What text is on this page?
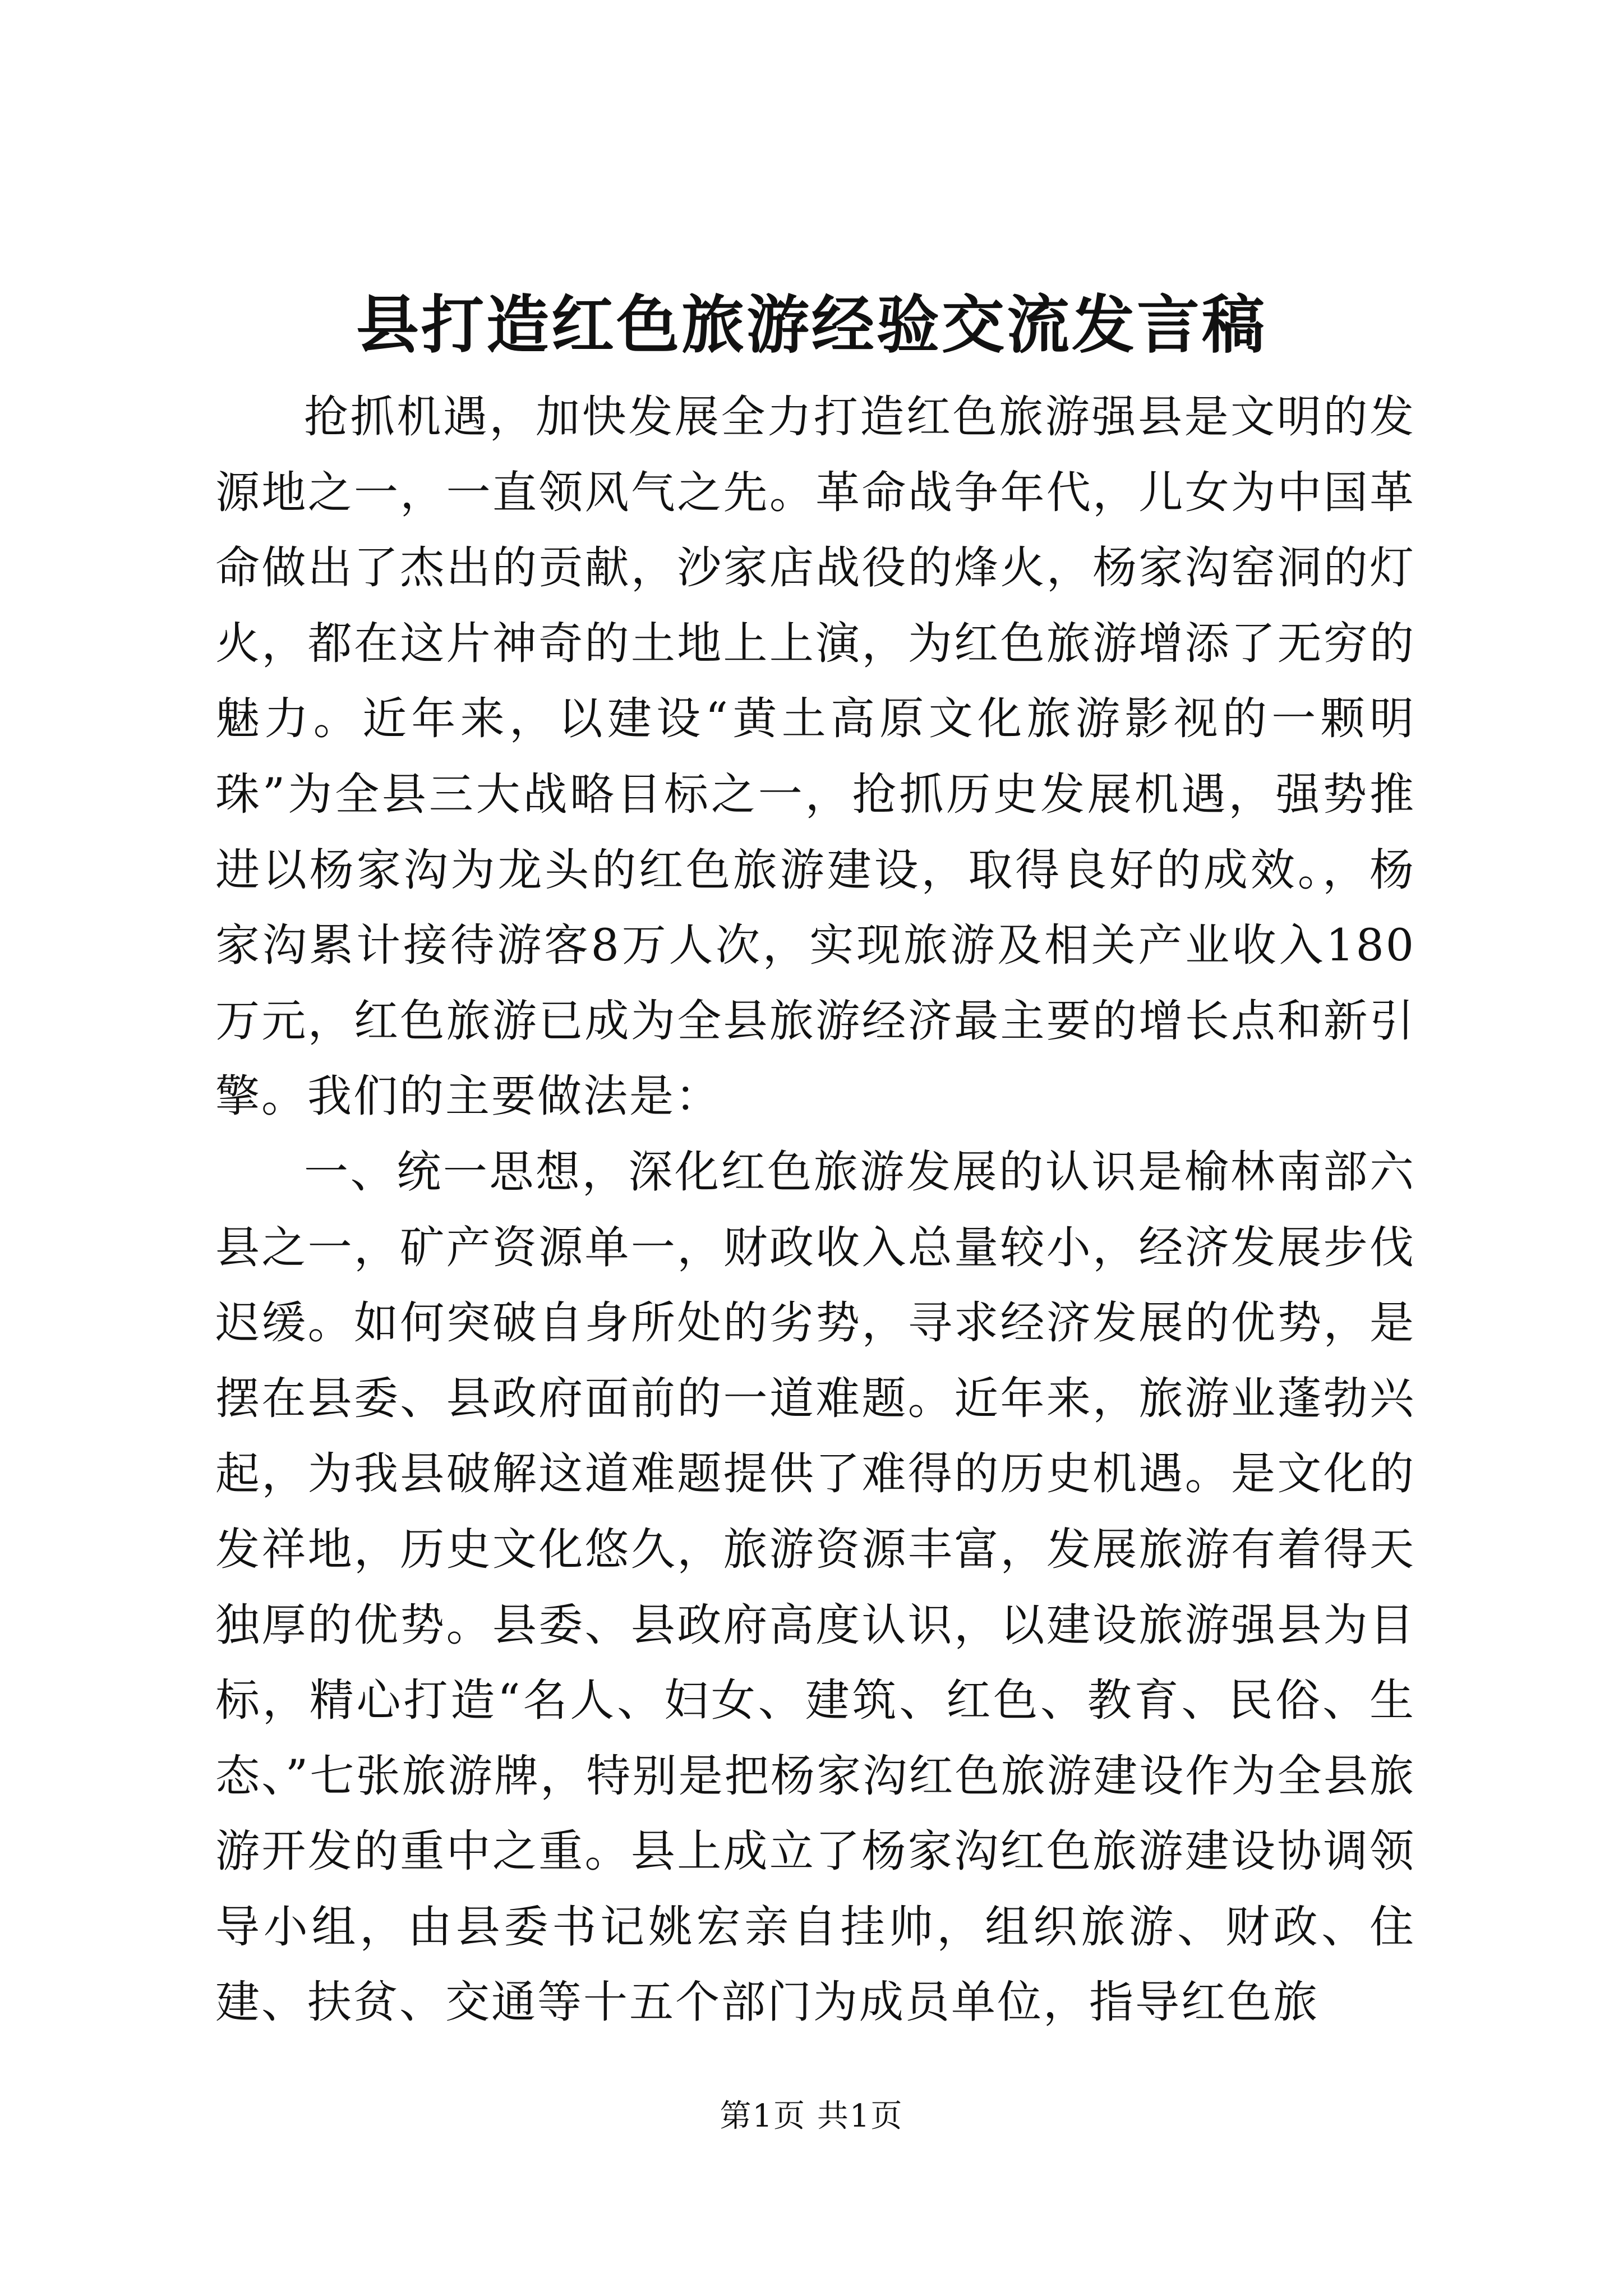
县打造红色旅游经验交流发言稿

抢抓机遇，加快发展全力打造红色旅游强县是文明的发源地之一，一直领风气之先。革命战争年代，儿女为中国革命做出了杰出的贡献，沙家店战役的烽火，杨家沟窑洞的灯火，都在这片神奇的土地上上演，为红色旅游增添了无穷的魅力。近年来，以建设“黄土高原文化旅游影视的一颗明珠”为全县三大战略目标之一，抢抓历史发展机遇，强势推进以杨家沟为龙头的红色旅游建设，取得良好的成效。，杨家沟累计接待游客8万人次，实现旅游及相关产业收入180万元，红色旅游已成为全县旅游经济最主要的增长点和新引擎。我们的主要做法是：

一、统一思想，深化红色旅游发展的认识是榆林南部六县之一，矿产资源单一，财政收入总量较小，经济发展步伐迟缓。如何突破自身所处的劣势，寻求经济发展的优势，是摆在县委、县政府面前的一道难题。近年来，旅游业蓬勃兴起，为我县破解这道难题提供了难得的历史机遇。是文化的发祥地，历史文化悠久，旅游资源丰富，发展旅游有着得天独厚的优势。县委、县政府高度认识，以建设旅游强县为目标，精心打造“名人、妇女、建筑、红色、教育、民俗、生态、”七张旅游牌，特别是把杨家沟红色旅游建设作为全县旅游开发的重中之重。县上成立了杨家沟红色旅游建设协调领导小组，由县委书记姚宏亲自挂帅，组织旅游、财政、住建、扶贫、交通等十五个部门为成员单位，指导红色旅

第1页 共1页
